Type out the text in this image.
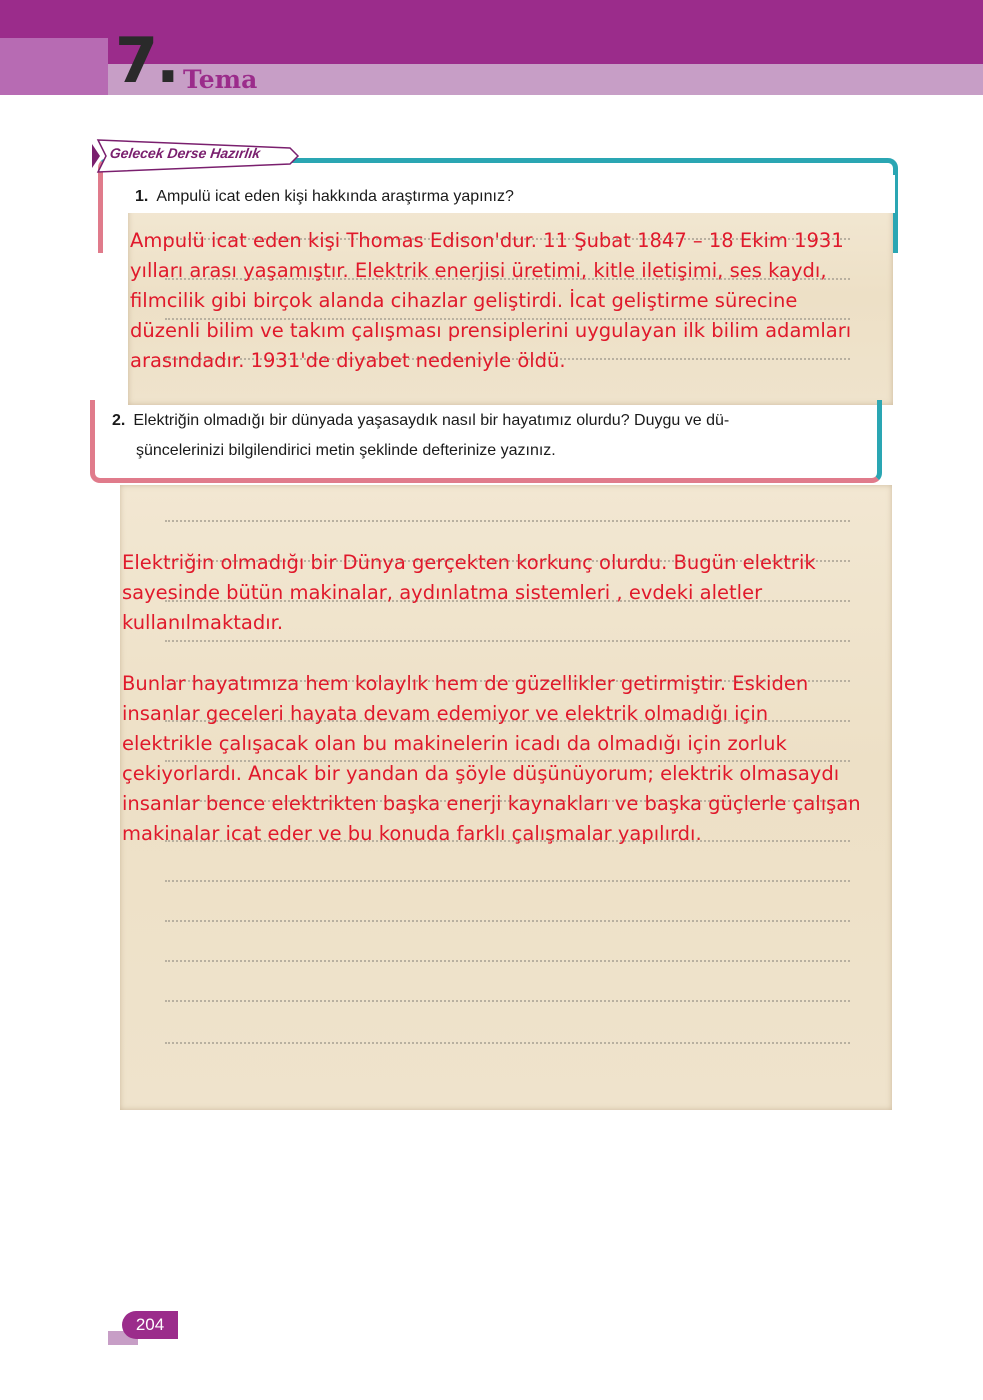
7. Tema
Gelecek Derse Hazırlık
1. Ampulü icat eden kişi hakkında araştırma yapınız?
2. Elektriğin olmadığı bir dünyada yaşasaydık nasıl bir hayatımız olurdu? Duygu ve dü-
şüncelerinizi bilgilendirici metin şeklinde defterinize yazınız.
Ampulü icat eden kişi Thomas Edison'dur. 11 Şubat 1847 – 18 Ekim 1931
yılları arası yaşamıştır. Elektrik enerjisi üretimi, kitle iletişimi, ses kaydı,
filmcilik gibi birçok alanda cihazlar geliştirdi. İcat geliştirme sürecine
düzenli bilim ve takım çalışması prensiplerini uygulayan ilk bilim adamları
arasındadır. 1931'de diyabet nedeniyle öldü.
Elektriğin olmadığı bir Dünya gerçekten korkunç olurdu. Bugün elektrik
sayesinde bütün makinalar, aydınlatma sistemleri , evdeki aletler
kullanılmaktadır.
Bunlar hayatımıza hem kolaylık hem de güzellikler getirmiştir. Eskiden
insanlar geceleri hayata devam edemiyor ve elektrik olmadığı için
elektrikle çalışacak olan bu makinelerin icadı da olmadığı için zorluk
çekiyorlardı. Ancak bir yandan da şöyle düşünüyorum; elektrik olmasaydı
insanlar bence elektrikten başka enerji kaynakları ve başka güçlerle çalışan
makinalar icat eder ve bu konuda farklı çalışmalar yapılırdı.
204
